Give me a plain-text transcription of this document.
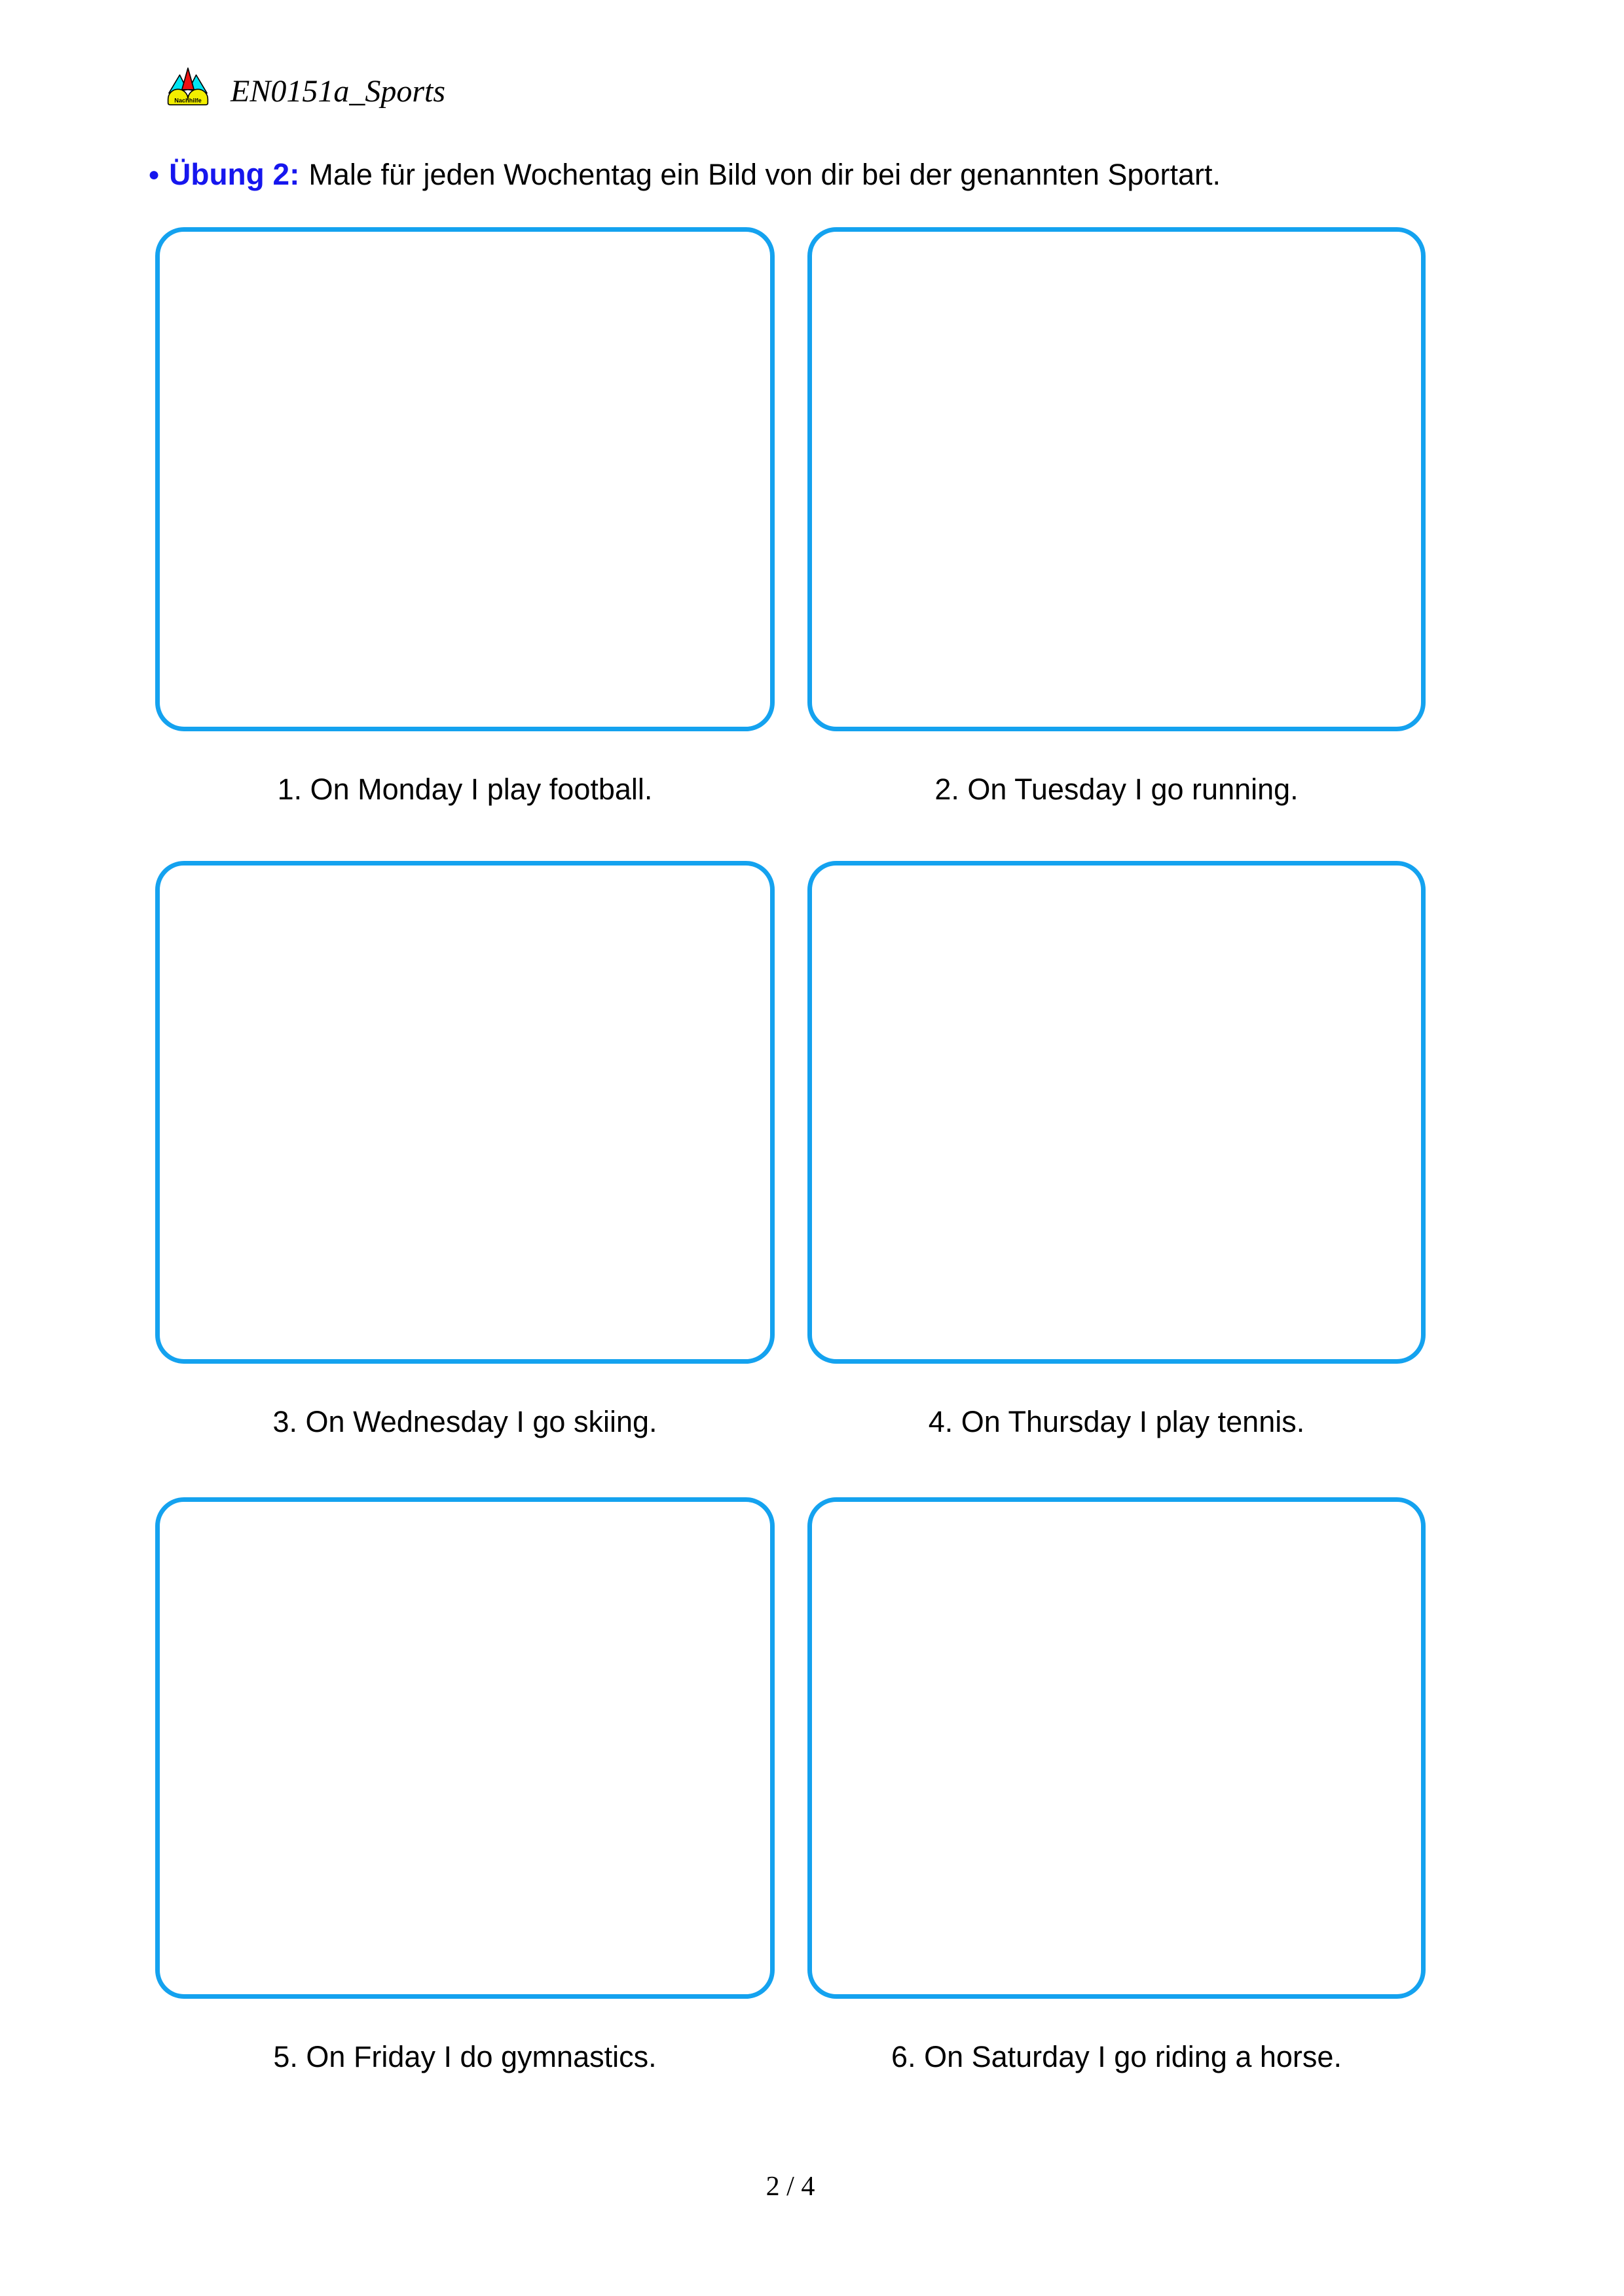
Nachhilfe EN0151a_Sports
● Übung 2: Male für jeden Wochentag ein Bild von dir bei der genannten Sportart.
1. On Monday I play football.	2. On Tuesday I go running.
3. On Wednesday I go skiing.	4. On Thursday I play tennis.
5. On Friday I do gymnastics.	6. On Saturday I go riding a horse.
2 / 4
